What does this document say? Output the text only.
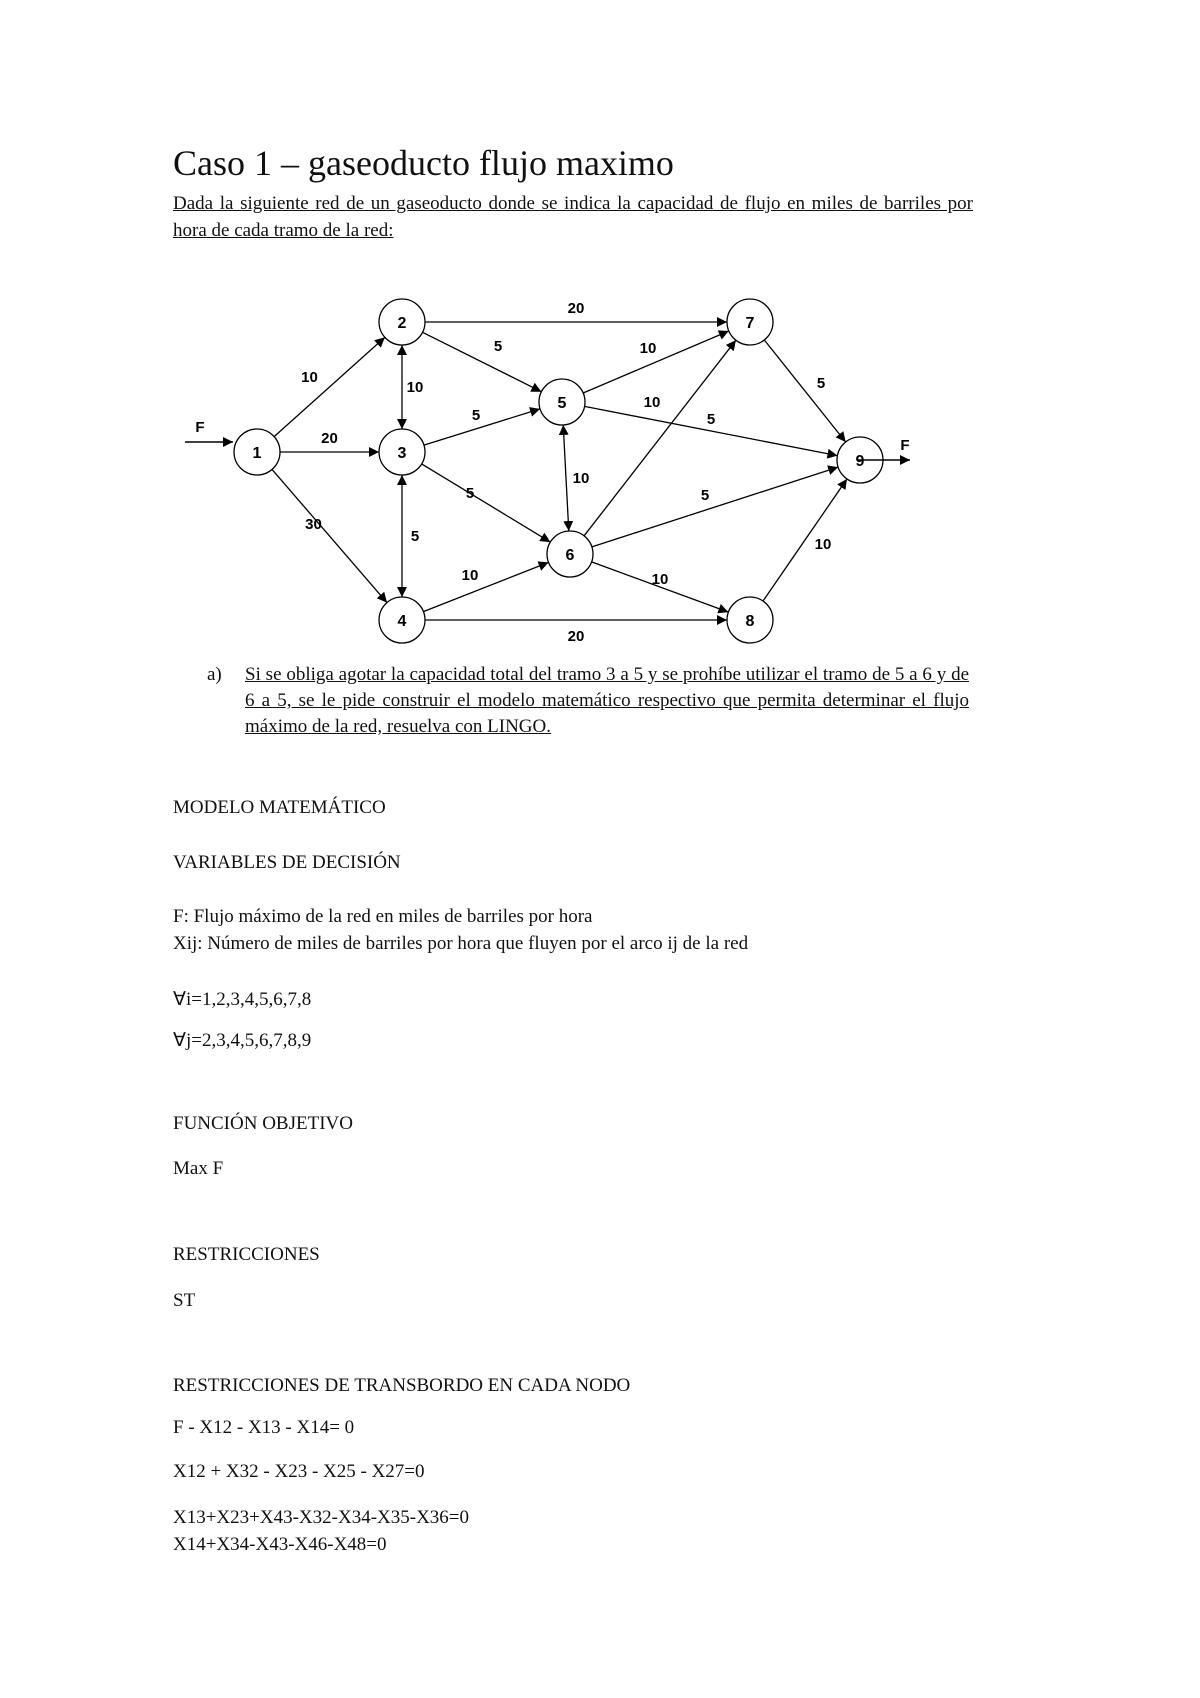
Caso 1 – gaseoducto flujo maximo
Dada la siguiente red de un gaseoducto donde se indica la capacidad de flujo en miles de barriles por hora de cada tramo de la red:
10
20
30
10
5
5
20
5
5
10
20
10
10
5
10
5
10
5
10
1
2
3
4
5
6
7
8
9
F
F
a) Si se obliga agotar la capacidad total del tramo 3 a 5 y se prohíbe utilizar el tramo de 5 a 6 y de 6 a 5, se le pide construir el modelo matemático respectivo que permita determinar el flujo máximo de la red, resuelva con LINGO.
MODELO MATEMÁTICO
VARIABLES DE DECISIÓN
F: Flujo máximo de la red en miles de barriles por hora
Xij: Número de miles de barriles por hora que fluyen por el arco ij de la red
∀i=1,2,3,4,5,6,7,8
∀j=2,3,4,5,6,7,8,9
FUNCIÓN OBJETIVO
Max F
RESTRICCIONES
ST
RESTRICCIONES DE TRANSBORDO EN CADA NODO
F - X12 - X13 - X14= 0
X12 + X32 - X23 - X25 - X27=0
X13+X23+X43-X32-X34-X35-X36=0
X14+X34-X43-X46-X48=0
